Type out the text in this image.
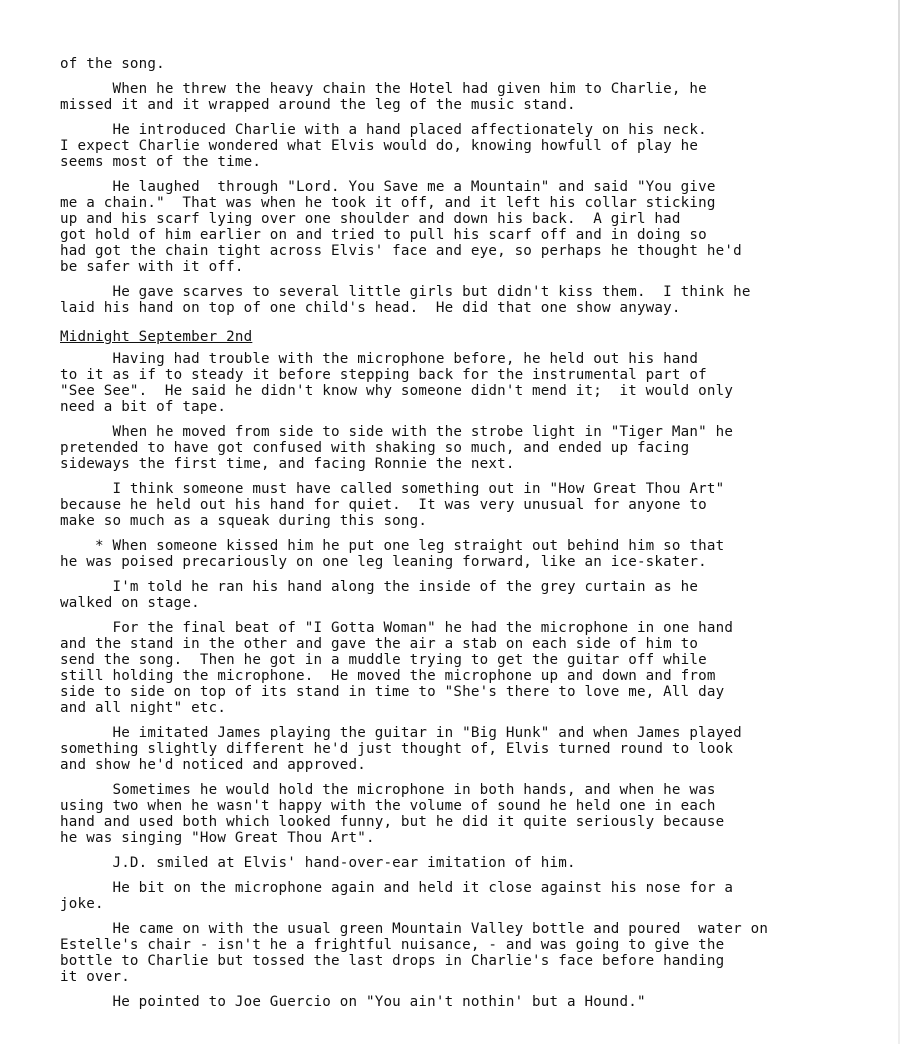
of the song.
When he threw the heavy chain the Hotel had given him to Charlie, he
missed it and it wrapped around the leg of the music stand.
He introduced Charlie with a hand placed affectionately on his neck.
I expect Charlie wondered what Elvis would do, knowing howfull of play he
seems most of the time.
He laughed  through "Lord. You Save me a Mountain" and said "You give
me a chain."  That was when he took it off, and it left his collar sticking
up and his scarf lying over one shoulder and down his back.  A girl had
got hold of him earlier on and tried to pull his scarf off and in doing so
had got the chain tight across Elvis' face and eye, so perhaps he thought he'd
be safer with it off.
He gave scarves to several little girls but didn't kiss them.  I think he
laid his hand on top of one child's head.  He did that one show anyway.
Midnight September 2nd
Having had trouble with the microphone before, he held out his hand
to it as if to steady it before stepping back for the instrumental part of
"See See".  He said he didn't know why someone didn't mend it;  it would only
need a bit of tape.
When he moved from side to side with the strobe light in "Tiger Man" he
pretended to have got confused with shaking so much, and ended up facing
sideways the first time, and facing Ronnie the next.
I think someone must have called something out in "How Great Thou Art"
because he held out his hand for quiet.  It was very unusual for anyone to
make so much as a squeak during this song.
* When someone kissed him he put one leg straight out behind him so that
he was poised precariously on one leg leaning forward, like an ice-skater.
I'm told he ran his hand along the inside of the grey curtain as he
walked on stage.
For the final beat of "I Gotta Woman" he had the microphone in one hand
and the stand in the other and gave the air a stab on each side of him to
send the song.  Then he got in a muddle trying to get the guitar off while
still holding the microphone.  He moved the microphone up and down and from
side to side on top of its stand in time to "She's there to love me, All day
and all night" etc.
He imitated James playing the guitar in "Big Hunk" and when James played
something slightly different he'd just thought of, Elvis turned round to look
and show he'd noticed and approved.
Sometimes he would hold the microphone in both hands, and when he was
using two when he wasn't happy with the volume of sound he held one in each
hand and used both which looked funny, but he did it quite seriously because
he was singing "How Great Thou Art".
J.D. smiled at Elvis' hand-over-ear imitation of him.
He bit on the microphone again and held it close against his nose for a
joke.
He came on with the usual green Mountain Valley bottle and poured  water on
Estelle's chair - isn't he a frightful nuisance, - and was going to give the
bottle to Charlie but tossed the last drops in Charlie's face before handing
it over.
He pointed to Joe Guercio on "You ain't nothin' but a Hound."
